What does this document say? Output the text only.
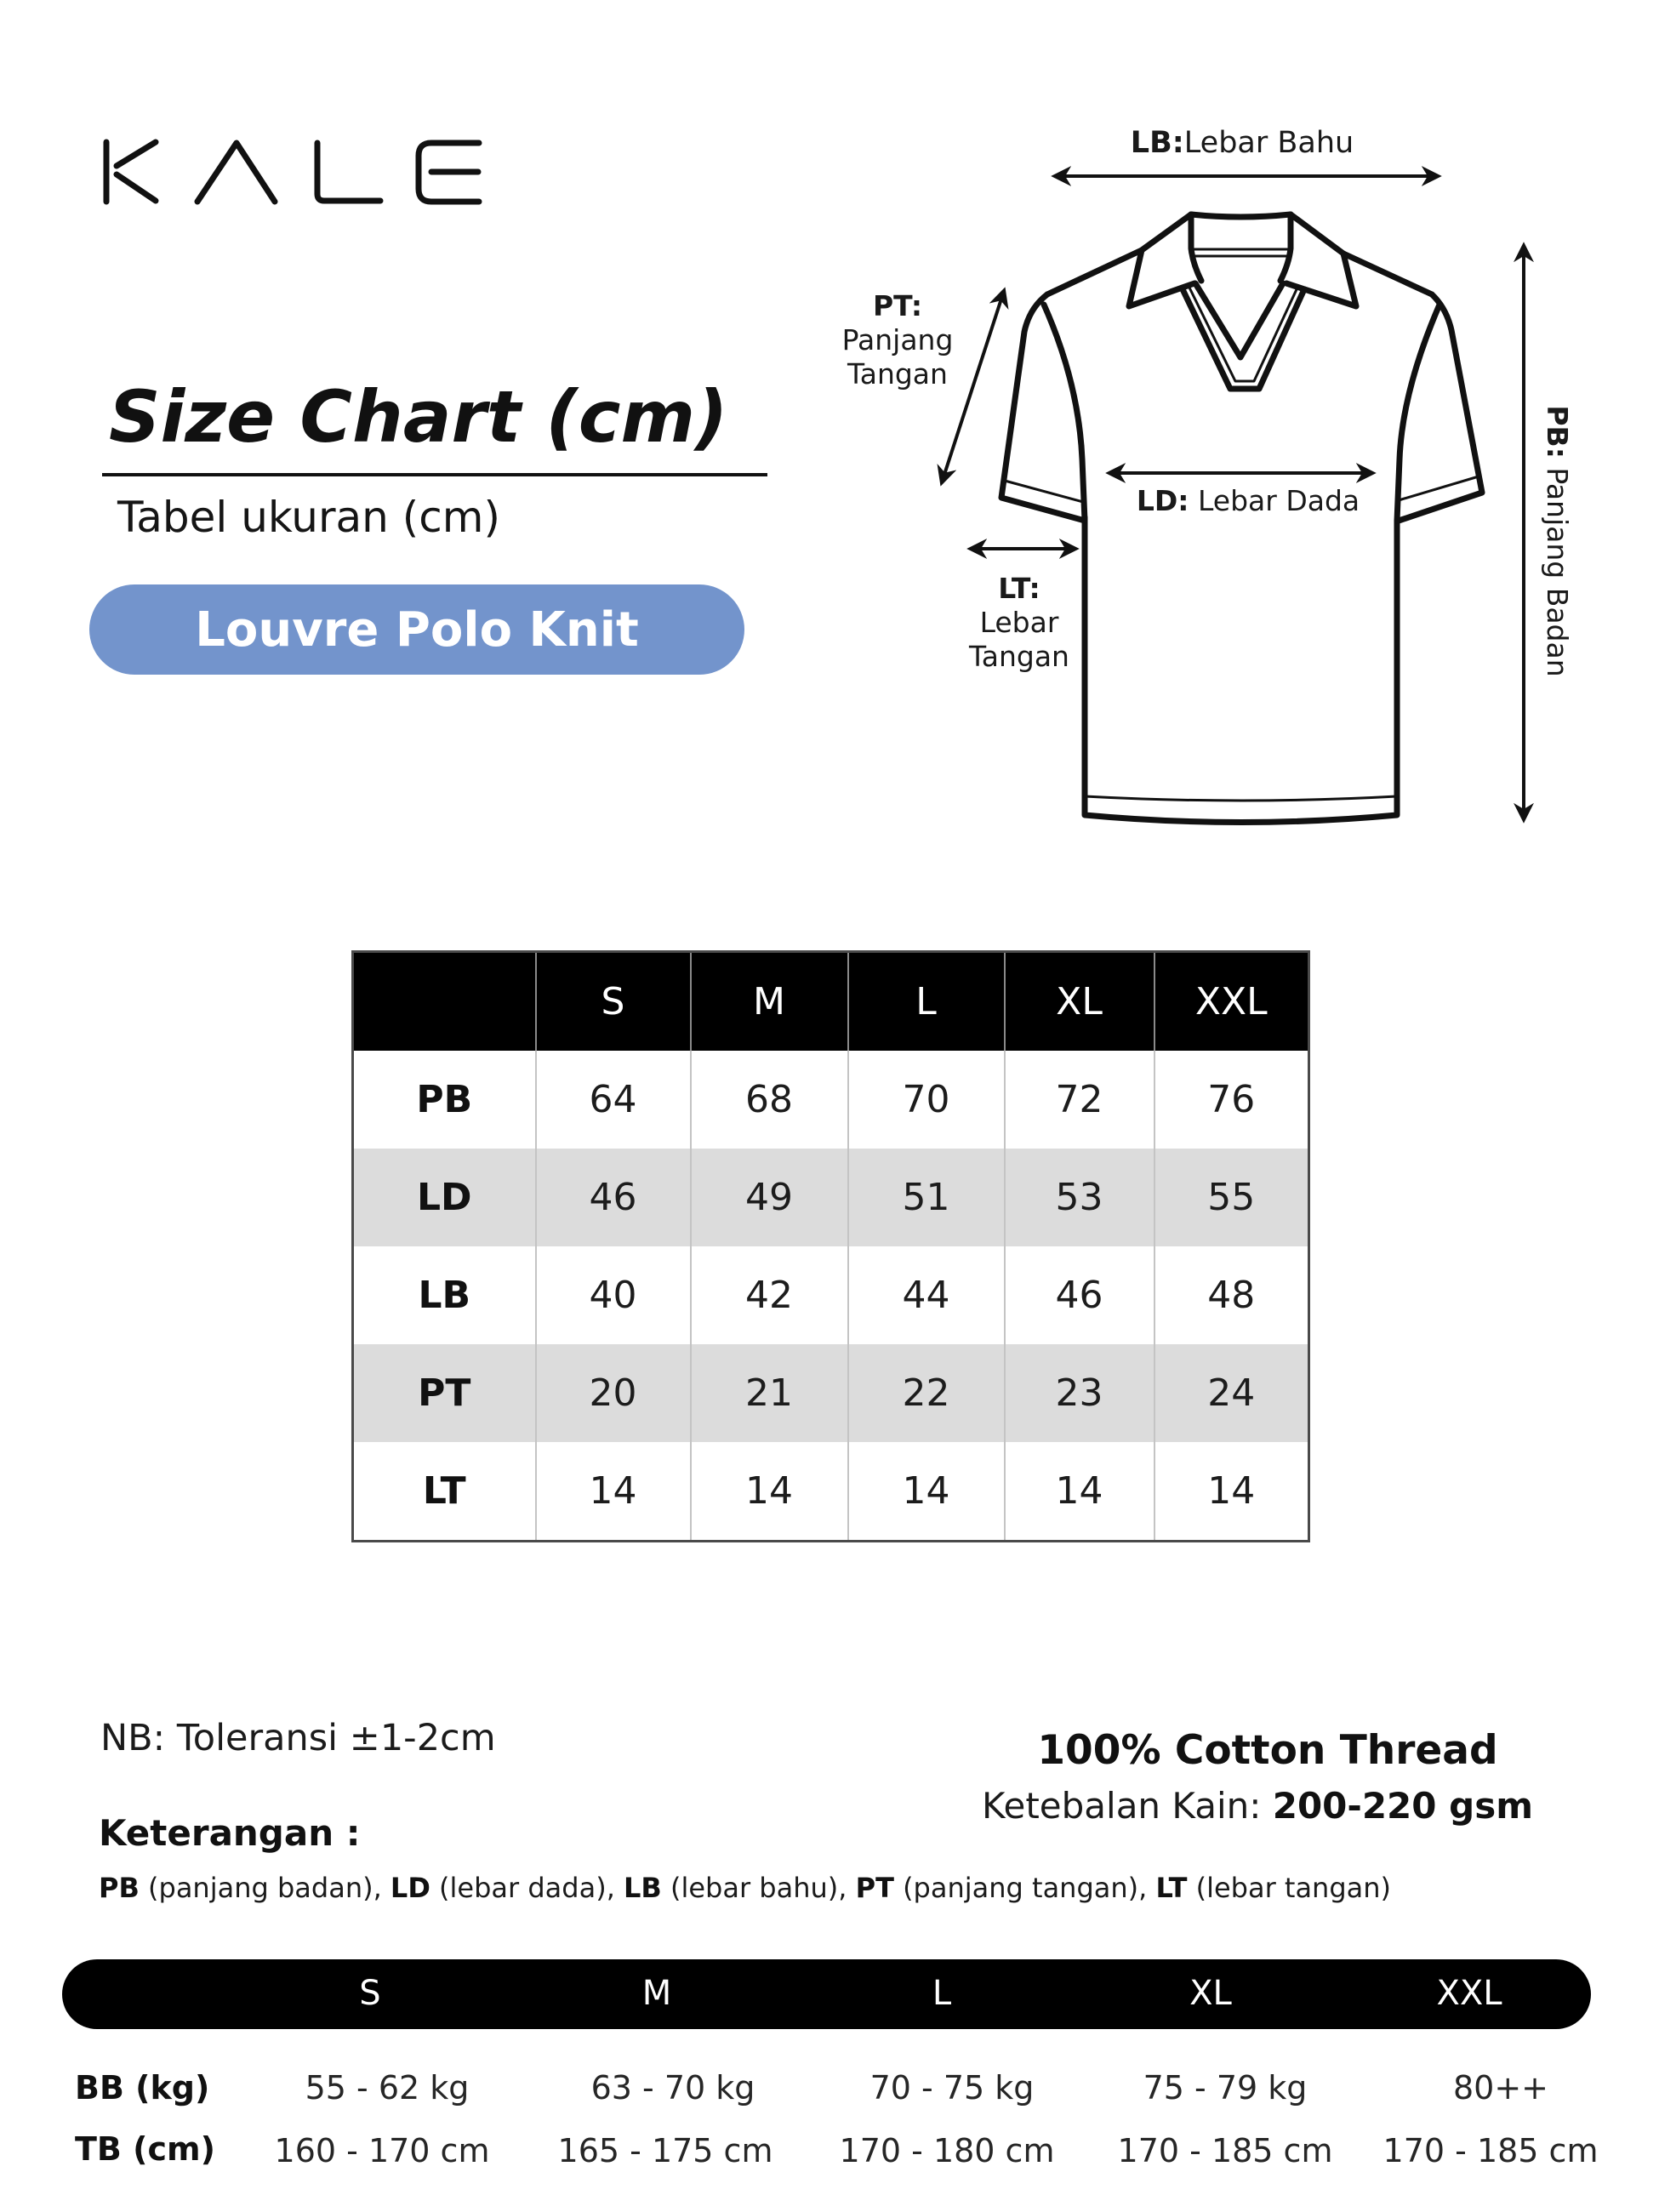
Size Chart (cm)
Tabel ukuran (cm)
Louvre Polo Knit
LB:Lebar Bahu
LD: Lebar Dada
PT:
Panjang
Tangan
LT:
Lebar
Tangan
PB: Panjang Badan
	S	M	L	XL	XXL
PB	64	68	70	72	76
LD	46	49	51	53	55
LB	40	42	44	46	48
PT	20	21	22	23	24
LT	14	14	14	14	14
NB: Toleransi ±1-2cm	100% Cotton Thread
Ketebalan Kain: 200-220 gsm
Keterangan :
PB (panjang badan), LD (lebar dada), LB (lebar bahu), PT (panjang tangan), LT (lebar tangan)
S	M	L	XL	XXL
BB (kg)	55 - 62 kg	63 - 70 kg	70 - 75 kg	75 - 79 kg	80++
TB (cm) 160 - 170 cm 165 - 175 cm 170 - 180 cm 170 - 185 cm 170 - 185 cm
